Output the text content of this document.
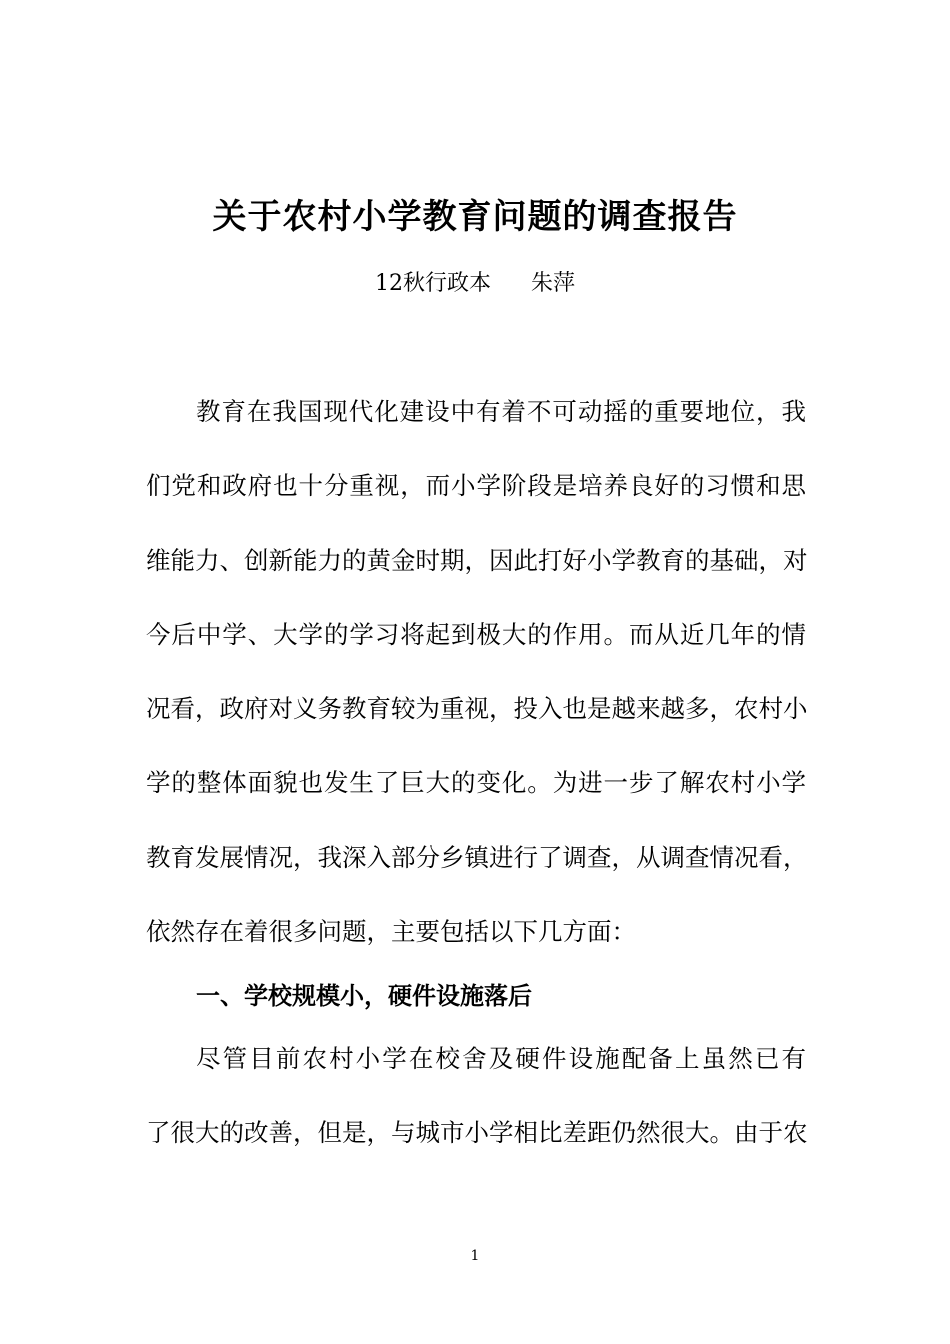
关于农村小学教育问题的调查报告
12秋行政本 朱萍
教育在我国现代化建设中有着不可动摇的重要地位，我
们党和政府也十分重视，而小学阶段是培养良好的习惯和思
维能力、创新能力的黄金时期，因此打好小学教育的基础，对
今后中学、大学的学习将起到极大的作用。而从近几年的情
况看，政府对义务教育较为重视，投入也是越来越多，农村小
学的整体面貌也发生了巨大的变化。为进一步了解农村小学
教育发展情况，我深入部分乡镇进行了调查，从调查情况看，
依然存在着很多问题，主要包括以下几方面：
一、学校规模小，硬件设施落后
尽管目前农村小学在校舍及硬件设施配备上虽然已有
了很大的改善，但是，与城市小学相比差距仍然很大。由于农
1
